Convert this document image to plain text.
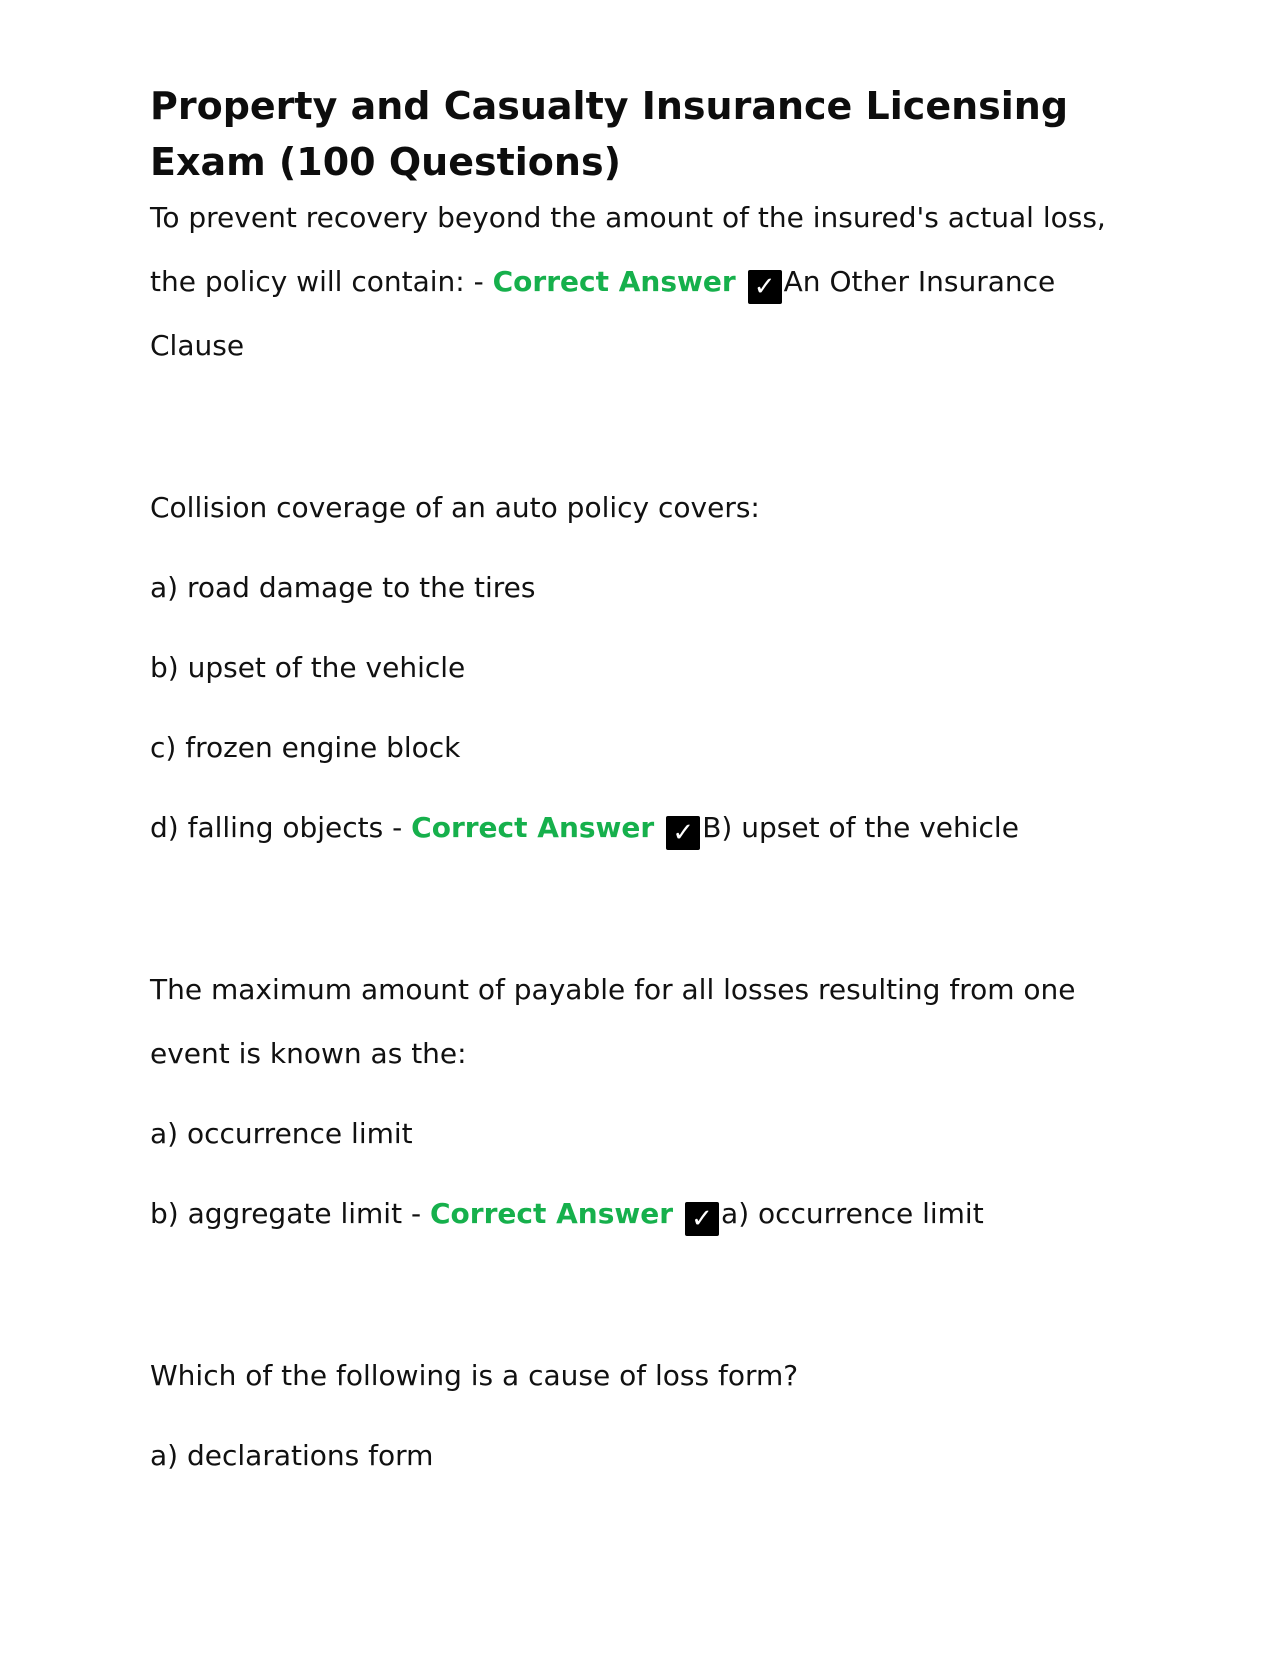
Property and Casualty Insurance Licensing Exam (100 Questions)

To prevent recovery beyond the amount of the insured's actual loss, the policy will contain: - Correct Answer ✓ An Other Insurance Clause

Collision coverage of an auto policy covers:

a) road damage to the tires

b) upset of the vehicle

c) frozen engine block

d) falling objects - Correct Answer ✓ B) upset of the vehicle

The maximum amount of payable for all losses resulting from one event is known as the:

a) occurrence limit

b) aggregate limit - Correct Answer ✓ a) occurrence limit

Which of the following is a cause of loss form?

a) declarations form
